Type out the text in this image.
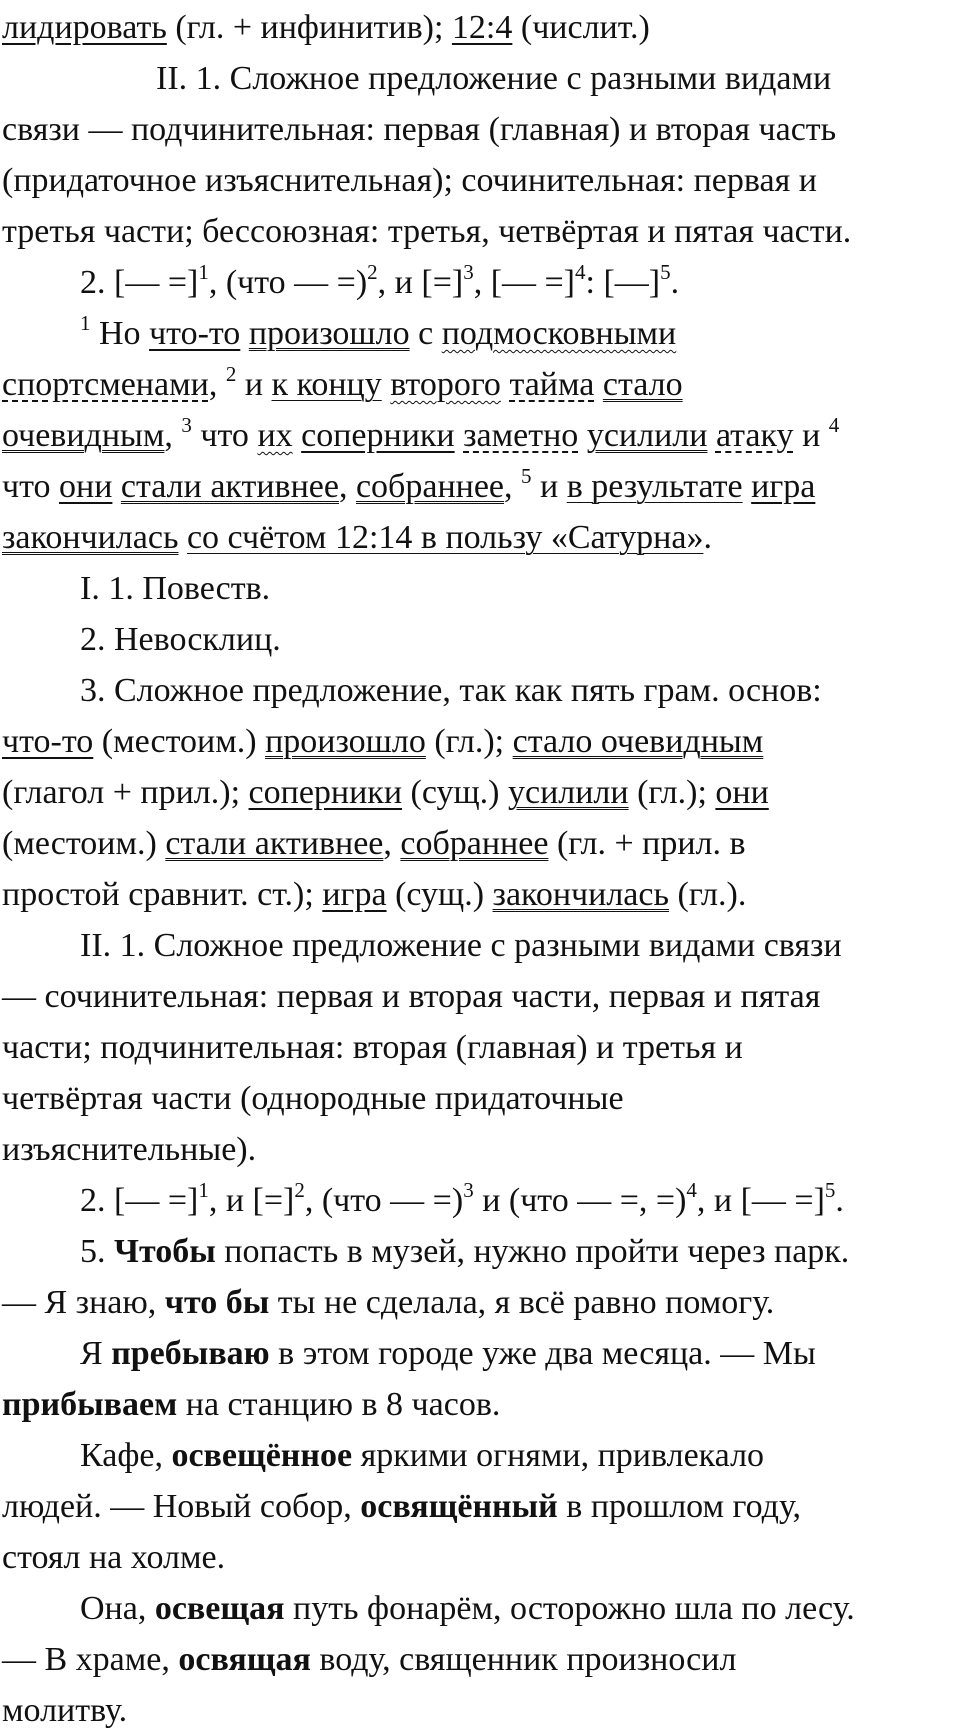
лидировать (гл. + инфинитив); 12:4 (числит.)
II. 1. Сложное предложение с разными видами
связи — подчинительная: первая (главная) и вторая часть
(придаточное изъяснительная); сочинительная: первая и
третья части; бессоюзная: третья, четвёртая и пятая части.
2. [— =]$^1$, (что — =)$^2$, и [=]$^3$, [— =]$^4$: [—]$^5$.
$^1$ Но что-то произошло с подмосковными
спортсменами, $^2$ и к концу второго тайма стало
очевидным, $^3$ что их соперники заметно усилили атаку и $^4$
что они стали активнее, собраннее, $^5$ и в результате игра
закончилась со счётом 12:14 в пользу «Сатурна».
I. 1. Повеств.
2. Невосклиц.
3. Сложное предложение, так как пять грам. основ:
что-то (местоим.) произошло (гл.); стало очевидным
(глагол + прил.); соперники (сущ.) усилили (гл.); они
(местоим.) стали активнее, собраннее (гл. + прил. в
простой сравнит. ст.); игра (сущ.) закончилась (гл.).
II. 1. Сложное предложение с разными видами связи
— сочинительная: первая и вторая части, первая и пятая
части; подчинительная: вторая (главная) и третья и
четвёртая части (однородные придаточные
изъяснительные).
2. [— =]$^1$, и [=]$^2$, (что — =)$^3$ и (что — =, =)$^4$, и [— =]$^5$.
5. Чтобы попасть в музей, нужно пройти через парк.
— Я знаю, что бы ты не сделала, я всё равно помогу.
Я пребываю в этом городе уже два месяца. — Мы
прибываем на станцию в 8 часов.
Кафе, освещённое яркими огнями, привлекало
людей. — Новый собор, освящённый в прошлом году,
стоял на холме.
Она, освещая путь фонарём, осторожно шла по лесу.
— В храме, освящая воду, священник произносил
молитву.
